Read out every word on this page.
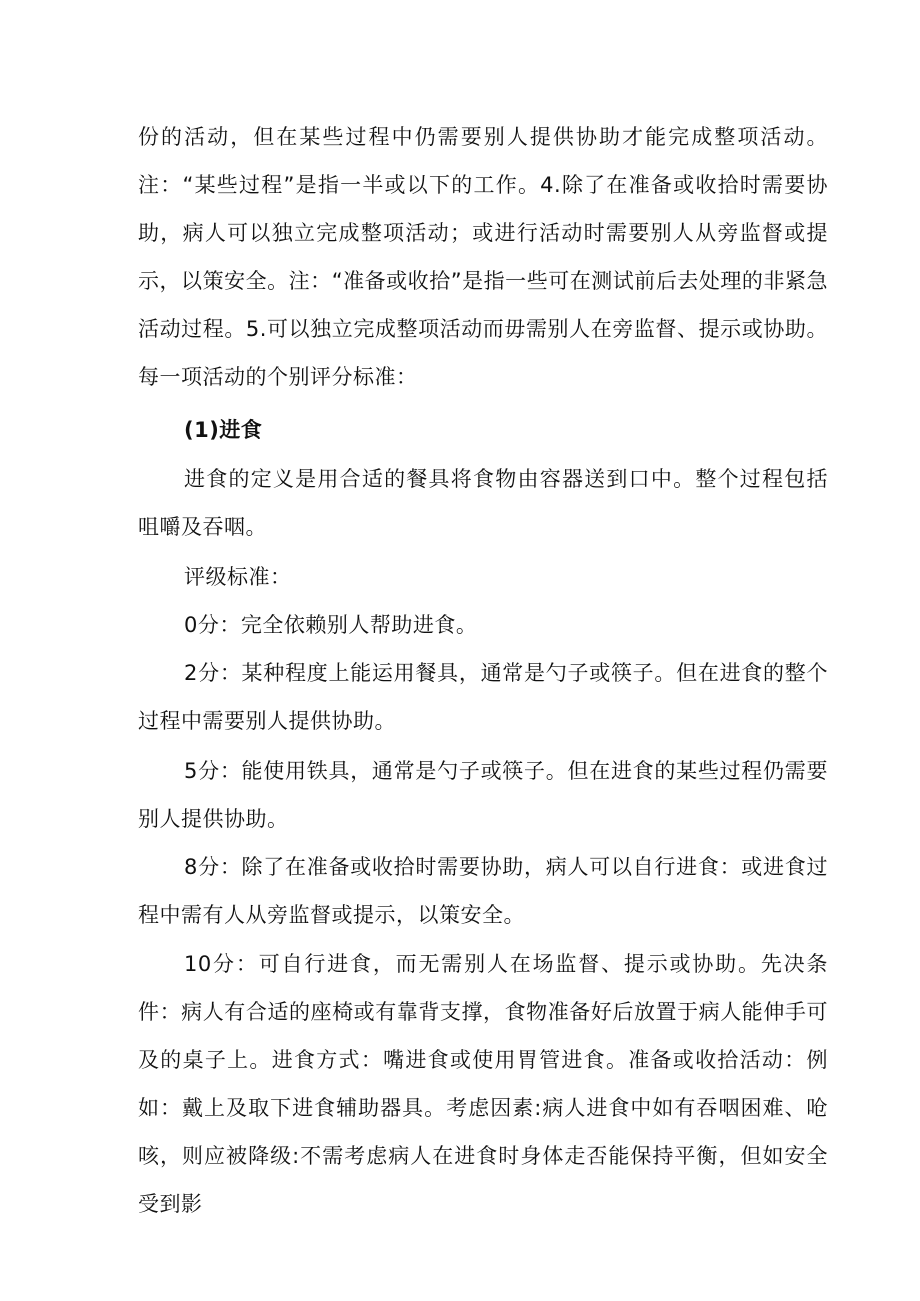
份的活动，但在某些过程中仍需要别人提供协助才能完成整项活动。注：“某些过程”是指一半或以下的工作。4.除了在准备或收拾时需要协助，病人可以独立完成整项活动；或进行活动时需要别人从旁监督或提示，以策安全。注：“准备或收拾”是指一些可在测试前后去处理的非紧急活动过程。5.可以独立完成整项活动而毋需别人在旁监督、提示或协助。每一项活动的个别评分标准：

(1)进食

进食的定义是用合适的餐具将食物由容器送到口中。整个过程包括咀嚼及吞咽。

评级标准：

0分：完全依赖别人帮助进食。

2分：某种程度上能运用餐具，通常是勺子或筷子。但在进食的整个过程中需要别人提供协助。

5分：能使用铁具，通常是勺子或筷子。但在进食的某些过程仍需要别人提供协助。

8分：除了在准备或收拾时需要协助，病人可以自行进食：或进食过程中需有人从旁监督或提示，以策安全。

10分：可自行进食，而无需别人在场监督、提示或协助。先决条件：病人有合适的座椅或有靠背支撑，食物准备好后放置于病人能伸手可及的桌子上。进食方式：嘴进食或使用胃管进食。准备或收拾活动：例如：戴上及取下进食辅助器具。考虑因素:病人进食中如有吞咽困难、呛咳，则应被降级:不需考虑病人在进食时身体走否能保持平衡，但如安全受到影
